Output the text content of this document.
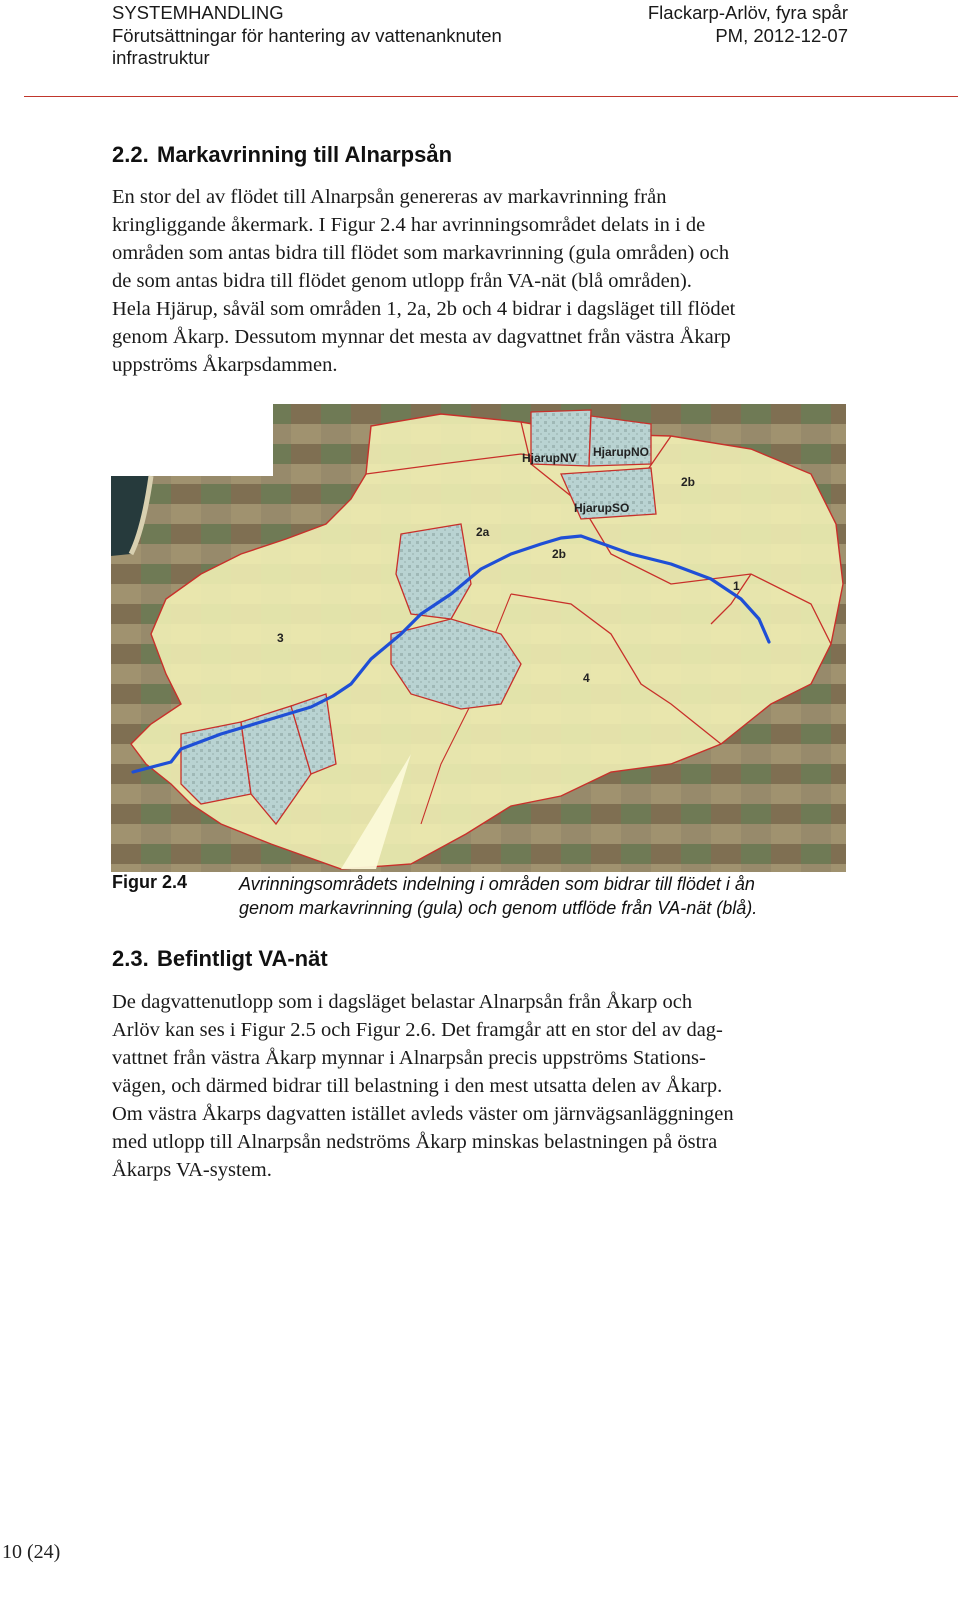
SYSTEMHANDLING
Förutsättningar för hantering av vattenanknuten
infrastruktur
Flackarp-Arlöv, fyra spår
PM, 2012-12-07
2.2. Markavrinning till Alnarpsån

En stor del av flödet till Alnarpsån genereras av markavrinning från

kringliggande åkermark. I Figur 2.4 har avrinningsområdet delats in i de

områden som antas bidra till flödet som markavrinning (gula områden) och

de som antas bidra till flödet genom utlopp från VA-nät (blå områden).

Hela Hjärup, såväl som områden 1, 2a, 2b och 4 bidrar i dagsläget till flödet

genom Åkarp. Dessutom mynnar det mesta av dagvattnet från västra Åkarp

uppströms Åkarpsdammen.

HjarupNV HjarupNO
2b
HjarupSO
2a
2b
1
3
4
Figur 2.4	Avrinningsområdets indelning i områden som bidrar till flödet i ån

genom markavrinning (gula) och genom utflöde från VA-nät (blå).

2.3. Befintligt VA-nät

De dagvattenutlopp som i dagsläget belastar Alnarpsån från Åkarp och

Arlöv kan ses i Figur 2.5 och Figur 2.6. Det framgår att en stor del av dag-

vattnet från västra Åkarp mynnar i Alnarpsån precis uppströms Stations-

vägen, och därmed bidrar till belastning i den mest utsatta delen av Åkarp.

Om västra Åkarps dagvatten istället avleds väster om järnvägsanläggningen

med utlopp till Alnarpsån nedströms Åkarp minskas belastningen på östra

Åkarps VA-system.

10 (24)
